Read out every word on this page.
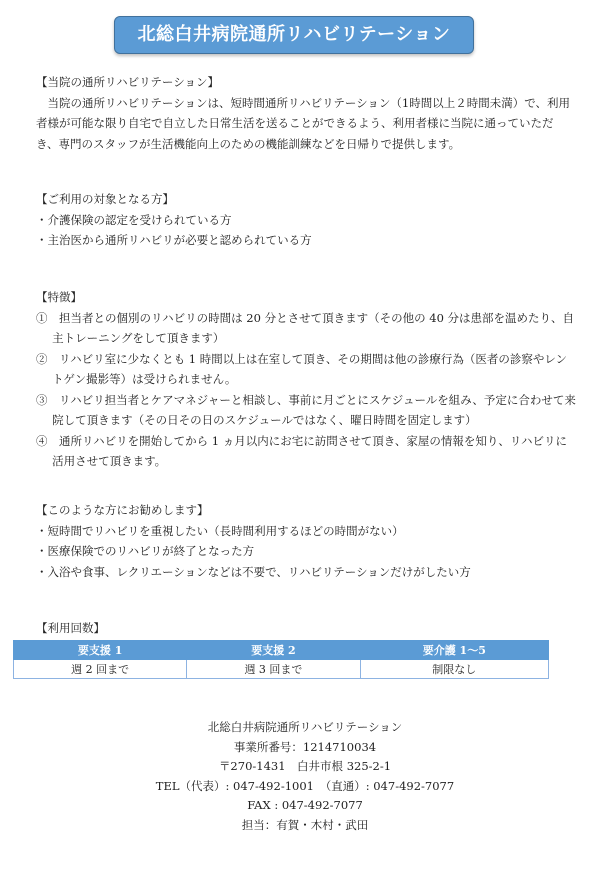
北総白井病院通所リハビリテーション

【当院の通所リハビリテーション】

当院の通所リハビリテーションは、短時間通所リハビリテーション（1時間以上２時間未満）で、利用者様が可能な限り自宅で自立した日常生活を送ることができるよう、利用者様に当院に通っていただき、専門のスタッフが生活機能向上のための機能訓練などを日帰りで提供します。

【ご利用の対象となる方】

・介護保険の認定を受けられている方

・主治医から通所リハビリが必要と認められている方

【特徴】

①　担当者との個別のリハビリの時間は 20 分とさせて頂きます（その他の 40 分は患部を温めたり、自主トレーニングをして頂きます）

②　リハビリ室に少なくとも 1 時間以上は在室して頂き、その期間は他の診療行為（医者の診察やレントゲン撮影等）は受けられません。

③　リハビリ担当者とケアマネジャーと相談し、事前に月ごとにスケジュールを組み、予定に合わせて来院して頂きます（その日その日のスケジュールではなく、曜日時間を固定します）

④　通所リハビリを開始してから 1 ヵ月以内にお宅に訪問させて頂き、家屋の情報を知り、リハビリに活用させて頂きます。

【このような方にお勧めします】

・短時間でリハビリを重視したい（長時間利用するほどの時間がない）

・医療保険でのリハビリが終了となった方

・入浴や食事、レクリエーションなどは不要で、リハビリテーションだけがしたい方

【利用回数】
要支援 1	要支援 2	要介護 1～5
週 2 回まで	週 3 回まで	制限なし

北総白井病院通所リハビリテーション

事業所番号：1214710034

〒270-1431　白井市根 325-2-1

TEL（代表）: 047-492-1001　（直通）: 047-492-7077

FAX : 047-492-7077

担当：有賀・木村・武田
